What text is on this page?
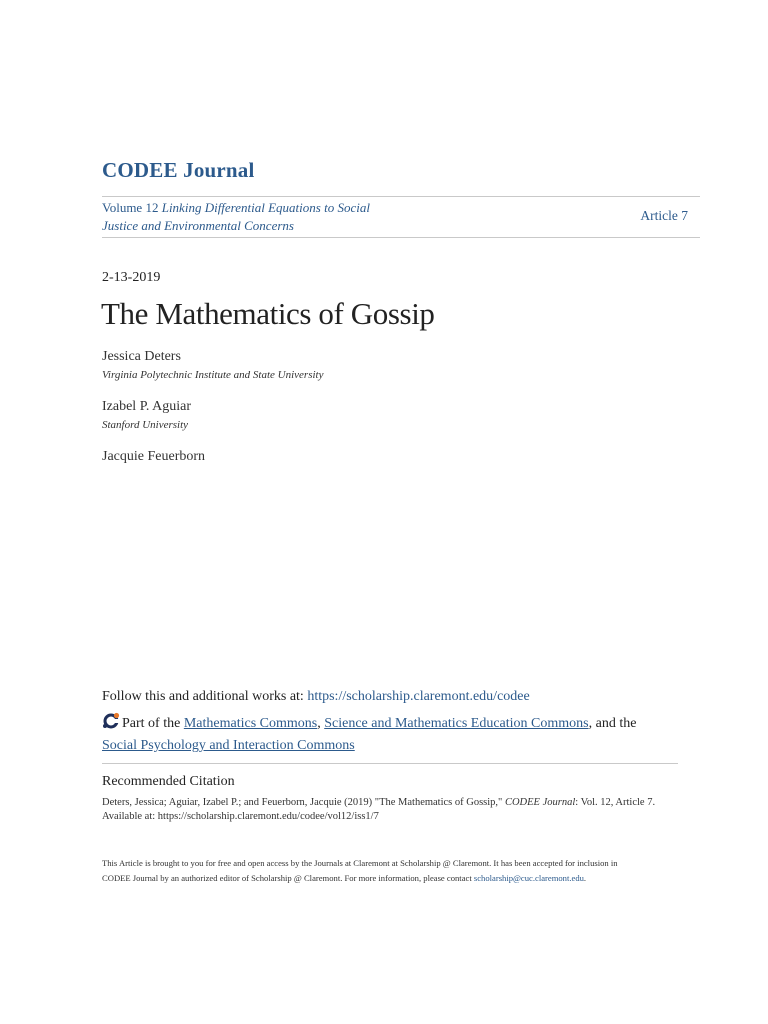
CODEE Journal
Volume 12 Linking Differential Equations to Social
Justice and Environmental Concerns
Article 7
2-13-2019
The Mathematics of Gossip
Jessica Deters
Virginia Polytechnic Institute and State University
Izabel P. Aguiar
Stanford University
Jacquie Feuerborn
Follow this and additional works at: https://scholarship.claremont.edu/codee
Part of the Mathematics Commons, Science and Mathematics Education Commons, and the
Social Psychology and Interaction Commons
Recommended Citation
Deters, Jessica; Aguiar, Izabel P.; and Feuerborn, Jacquie (2019) "The Mathematics of Gossip," CODEE Journal: Vol. 12, Article 7.
Available at: https://scholarship.claremont.edu/codee/vol12/iss1/7
This Article is brought to you for free and open access by the Journals at Claremont at Scholarship @ Claremont. It has been accepted for inclusion in
CODEE Journal by an authorized editor of Scholarship @ Claremont. For more information, please contact scholarship@cuc.claremont.edu.
